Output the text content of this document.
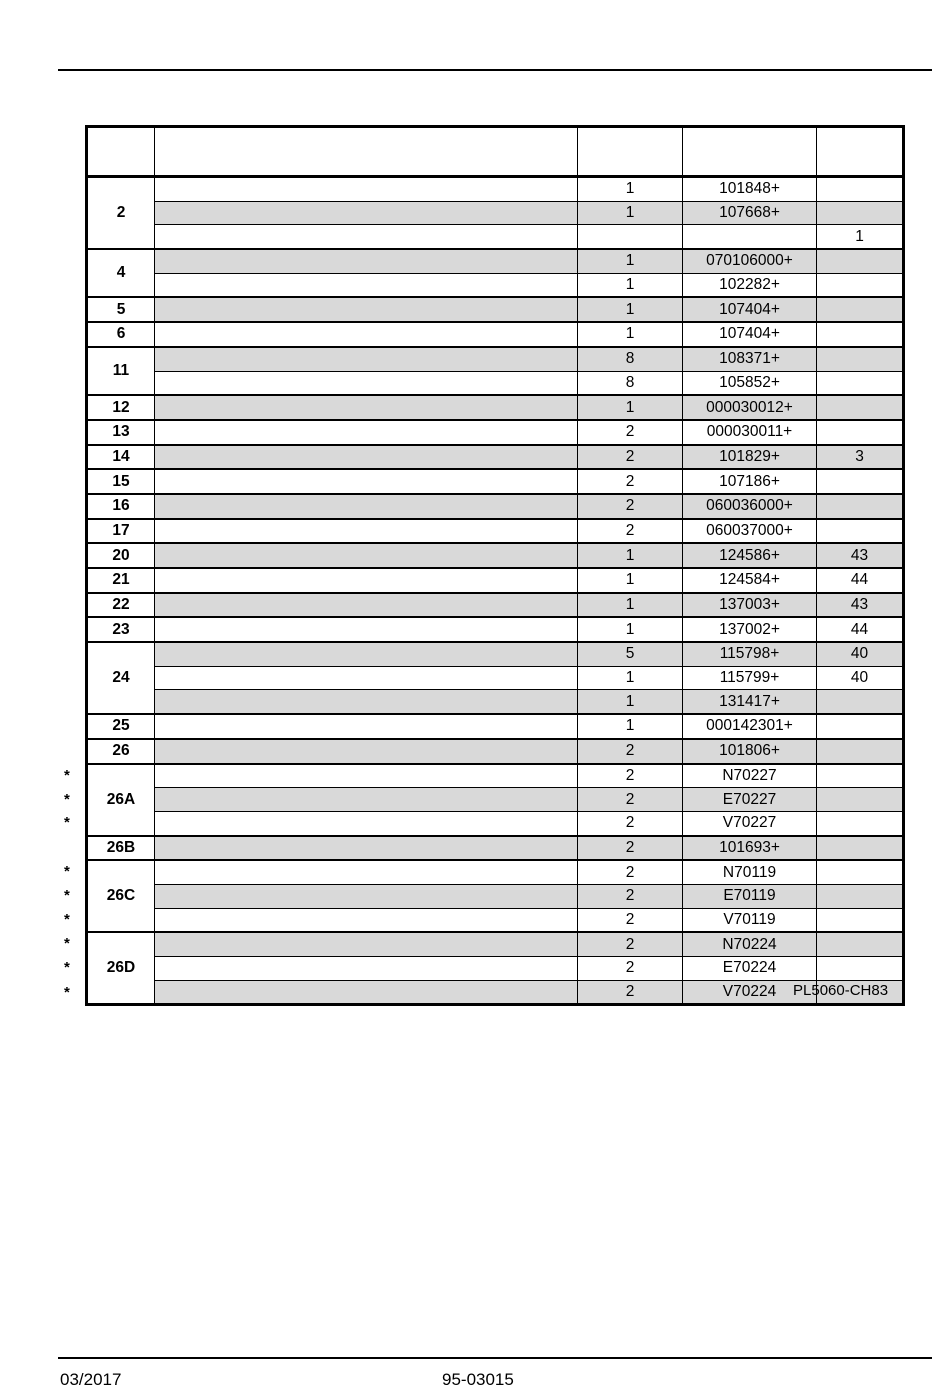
2		1	101848+	
		1	107668+	
				1
4		1	070106000+	
		1	102282+	
5		1	107404+	
6		1	107404+	
11		8	108371+	
		8	105852+	
12		1	000030012+	
13		2	000030011+	
14		2	101829+	3
15		2	107186+	
16		2	060036000+	
17		2	060037000+	
20		1	124586+	43
21		1	124584+	44
22		1	137003+	43
23		1	137002+	44
24		5	115798+	40
		1	115799+	40
		1	131417+	
25		1	000142301+	
26		2	101806+	
26A		2	N70227	
		2	E70227	
		2	V70227	
26B		2	101693+	
26C		2	N70119	
		2	E70119	
		2	V70119	
26D		2	N70224	
		2	E70224	
		2	V70224	
*
*
*
*
*
*
*
*
*	PL5060-CH83
03/2017	95-03015
